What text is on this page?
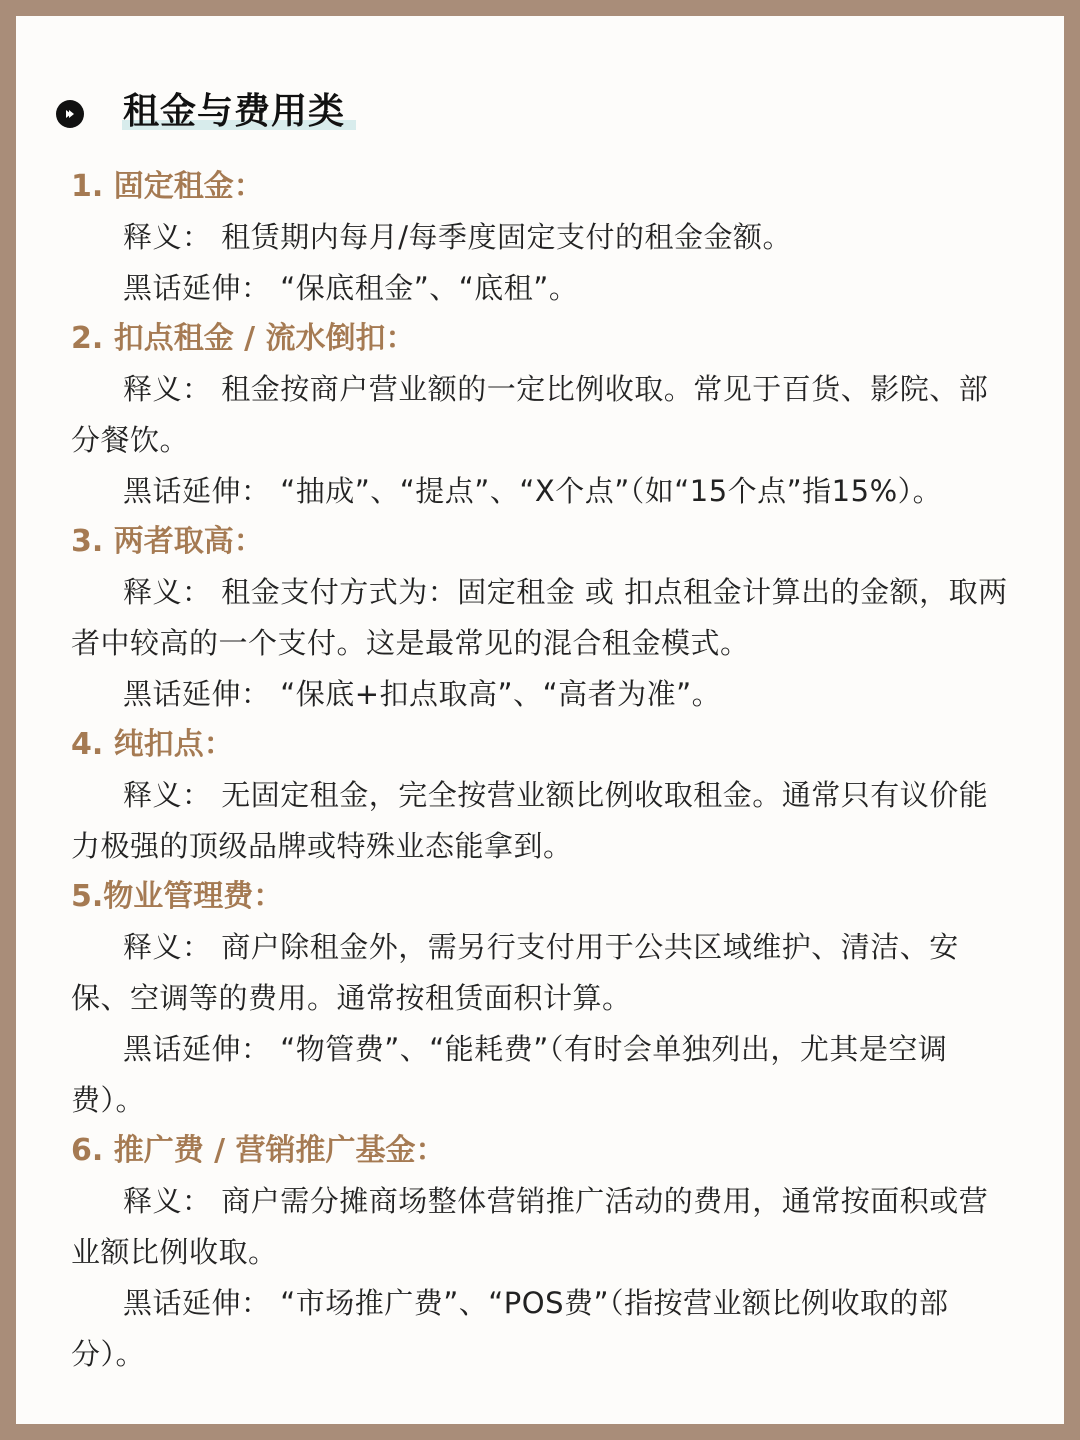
租金与费用类

1. 固定租金：

释义： 租赁期内每月/每季度固定支付的租金金额。

黑话延伸： “保底租金”、“底租”。

2. 扣点租金 / 流水倒扣：

释义： 租金按商户营业额的一定比例收取。常见于百货、影院、部分餐饮。

黑话延伸： “抽成”、“提点”、“X个点”（如“15个点”指15%）。

3. 两者取高：

释义： 租金支付方式为：固定租金 或 扣点租金计算出的金额，取两者中较高的一个支付。这是最常见的混合租金模式。

黑话延伸： “保底+扣点取高”、“高者为准”。

4. 纯扣点：

释义： 无固定租金，完全按营业额比例收取租金。通常只有议价能力极强的顶级品牌或特殊业态能拿到。

5.物业管理费：

释义： 商户除租金外，需另行支付用于公共区域维护、清洁、安保、空调等的费用。通常按租赁面积计算。

黑话延伸： “物管费”、“能耗费”（有时会单独列出，尤其是空调费）。

6. 推广费 / 营销推广基金：

释义： 商户需分摊商场整体营销推广活动的费用，通常按面积或营业额比例收取。

黑话延伸： “市场推广费”、“POS费”（指按营业额比例收取的部分）。
